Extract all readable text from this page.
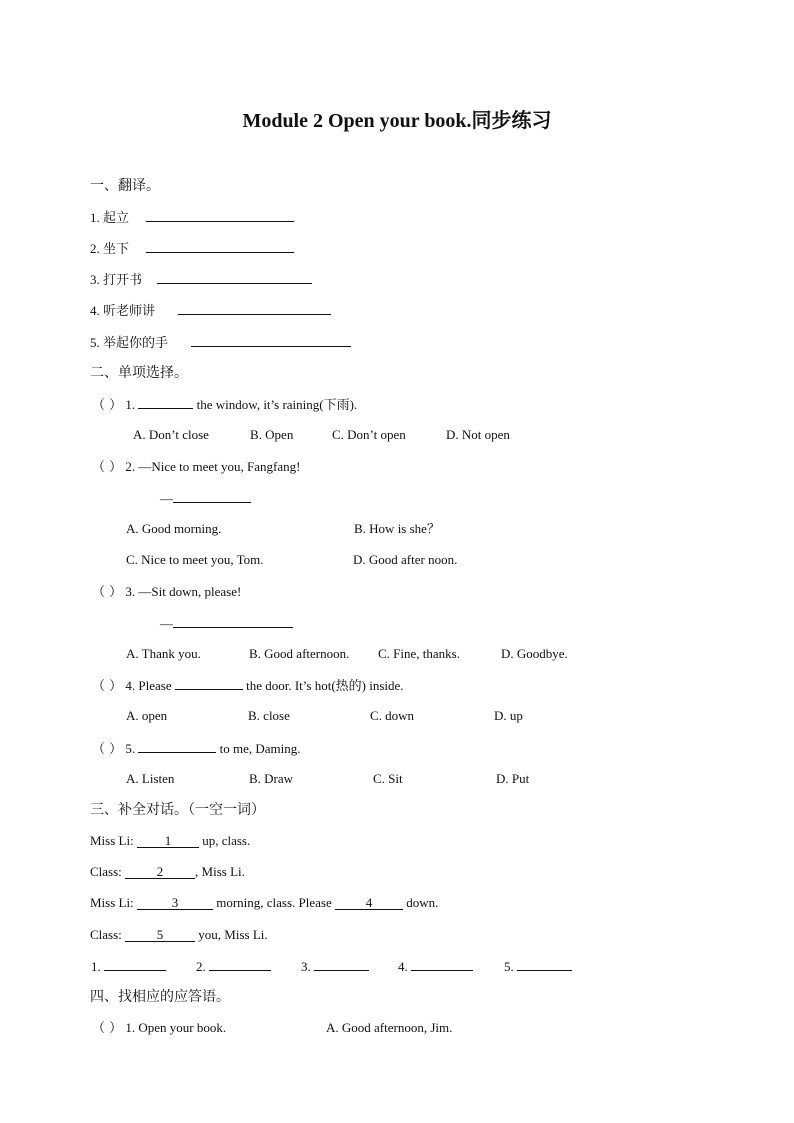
Module 2 Open your book.同步练习
一、翻译。
1. 起立
2. 坐下
3. 打开书
4. 听老师讲
5. 举起你的手
二、单项选择。
（ ） 1.	the window, it’s raining(下雨).
A. Don’t close	B. Open	C. Don’t open	D. Not open
（ ） 2. —Nice to meet you, Fangfang!
—
A. Good morning.	B. How is she？
C. Nice to meet you, Tom.	D. Good after noon.
（ ） 3. —Sit down, please!
—
A. Thank you.	B. Good afternoon. C. Fine, thanks.	D. Goodbye.
（ ） 4. Please	the door. It’s hot(热的) inside.
A. open	B. close	C. down	D. up
（ ） 5.	to me, Daming.
A. Listen	B. Draw	C. Sit	D. Put
三、补全对话。（一空一词）
Miss Li: 1 up, class.
Class:	2 , Miss Li.
Miss Li:	3	morning, class. Please	4	down.
Class:	5	you, Miss Li.
1.	2.	3.	4.	5.
四、找相应的应答语。
（ ） 1. Open your book.	A. Good afternoon, Jim.
